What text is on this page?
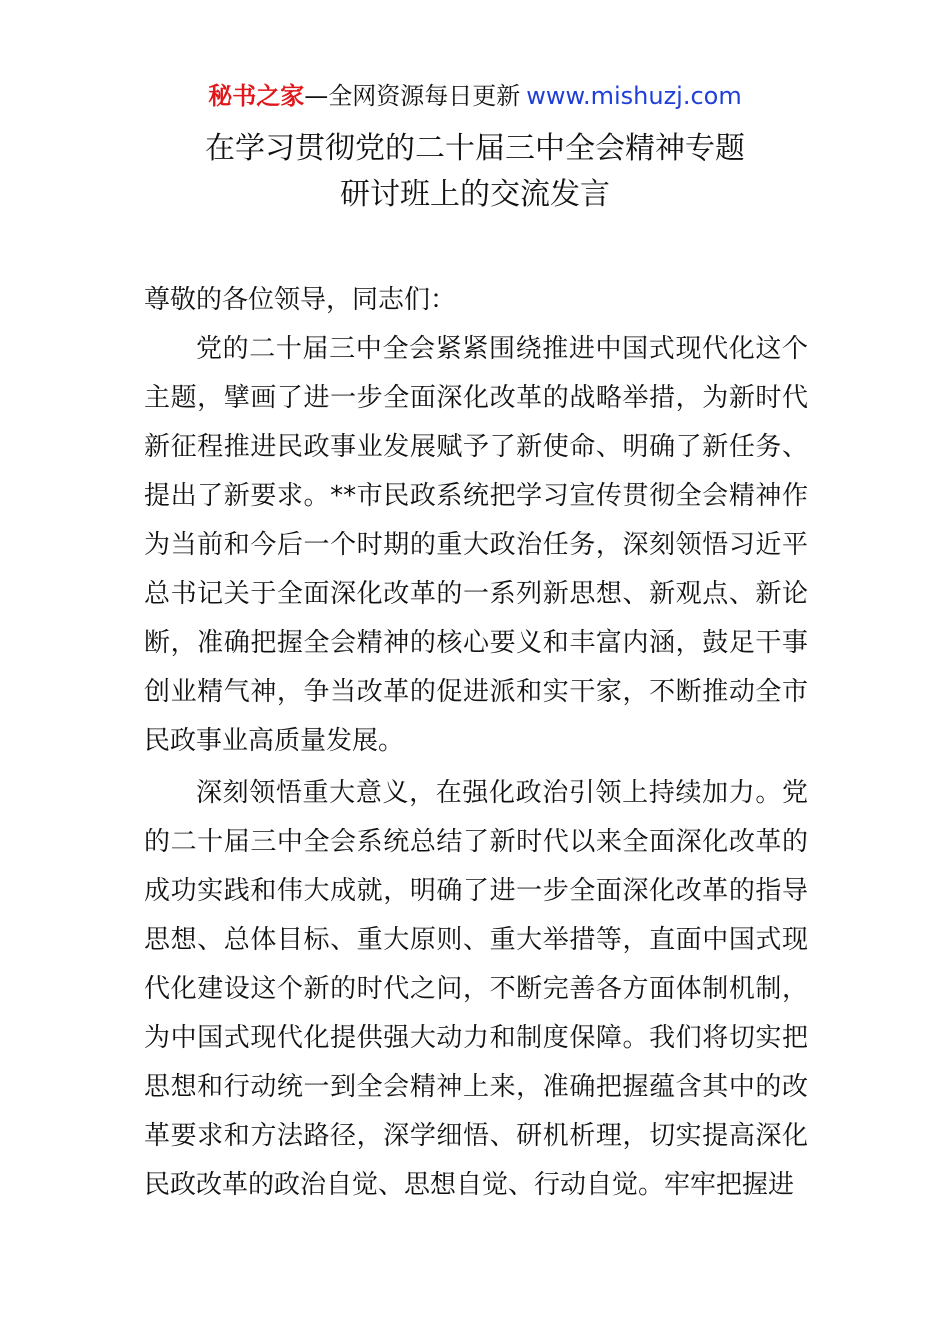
秘书之家—全网资源每日更新 www.mishuzj.com
在学习贯彻党的二十届三中全会精神专题
研讨班上的交流发言

尊敬的各位领导，同志们：

党的二十届三中全会紧紧围绕推进中国式现代化这个主题，擘画了进一步全面深化改革的战略举措，为新时代新征程推进民政事业发展赋予了新使命、明确了新任务、提出了新要求。**市民政系统把学习宣传贯彻全会精神作为当前和今后一个时期的重大政治任务，深刻领悟习近平总书记关于全面深化改革的一系列新思想、新观点、新论断，准确把握全会精神的核心要义和丰富内涵，鼓足干事创业精气神，争当改革的促进派和实干家，不断推动全市民政事业高质量发展。

深刻领悟重大意义，在强化政治引领上持续加力。党的二十届三中全会系统总结了新时代以来全面深化改革的成功实践和伟大成就，明确了进一步全面深化改革的指导思想、总体目标、重大原则、重大举措等，直面中国式现代化建设这个新的时代之问，不断完善各方面体制机制，为中国式现代化提供强大动力和制度保障。我们将切实把思想和行动统一到全会精神上来，准确把握蕴含其中的改革要求和方法路径，深学细悟、研机析理，切实提高深化民政改革的政治自觉、思想自觉、行动自觉。牢牢把握进
